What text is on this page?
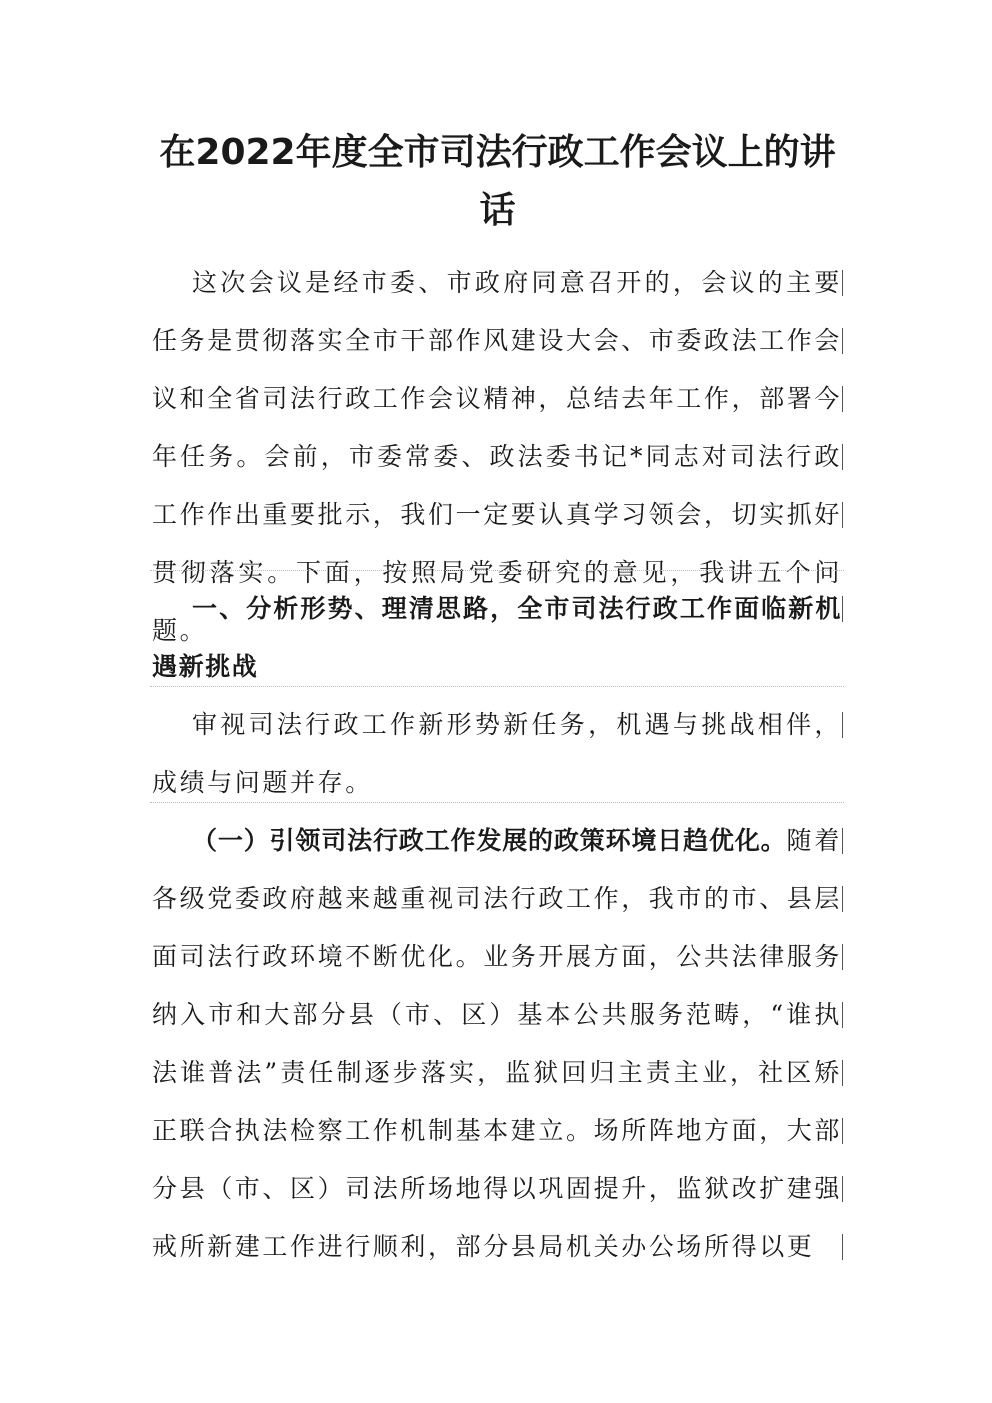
在2022年度全市司法行政工作会议上的讲话

这次会议是经市委、市政府同意召开的，会议的主要任务是贯彻落实全市干部作风建设大会、市委政法工作会议和全省司法行政工作会议精神，总结去年工作，部署今年任务。会前，市委常委、政法委书记*同志对司法行政工作作出重要批示，我们一定要认真学习领会，切实抓好贯彻落实。下面，按照局党委研究的意见，我讲五个问题。

一、分析形势、理清思路，全市司法行政工作面临新机遇新挑战

审视司法行政工作新形势新任务，机遇与挑战相伴，成绩与问题并存。

（一）引领司法行政工作发展的政策环境日趋优化。随着各级党委政府越来越重视司法行政工作，我市的市、县层面司法行政环境不断优化。业务开展方面，公共法律服务纳入市和大部分县（市、区）基本公共服务范畴，“谁执法谁普法”责任制逐步落实，监狱回归主责主业，社区矫正联合执法检察工作机制基本建立。场所阵地方面，大部分县（市、区）司法所场地得以巩固提升，监狱改扩建强戒所新建工作进行顺利，部分县局机关办公场所得以更
